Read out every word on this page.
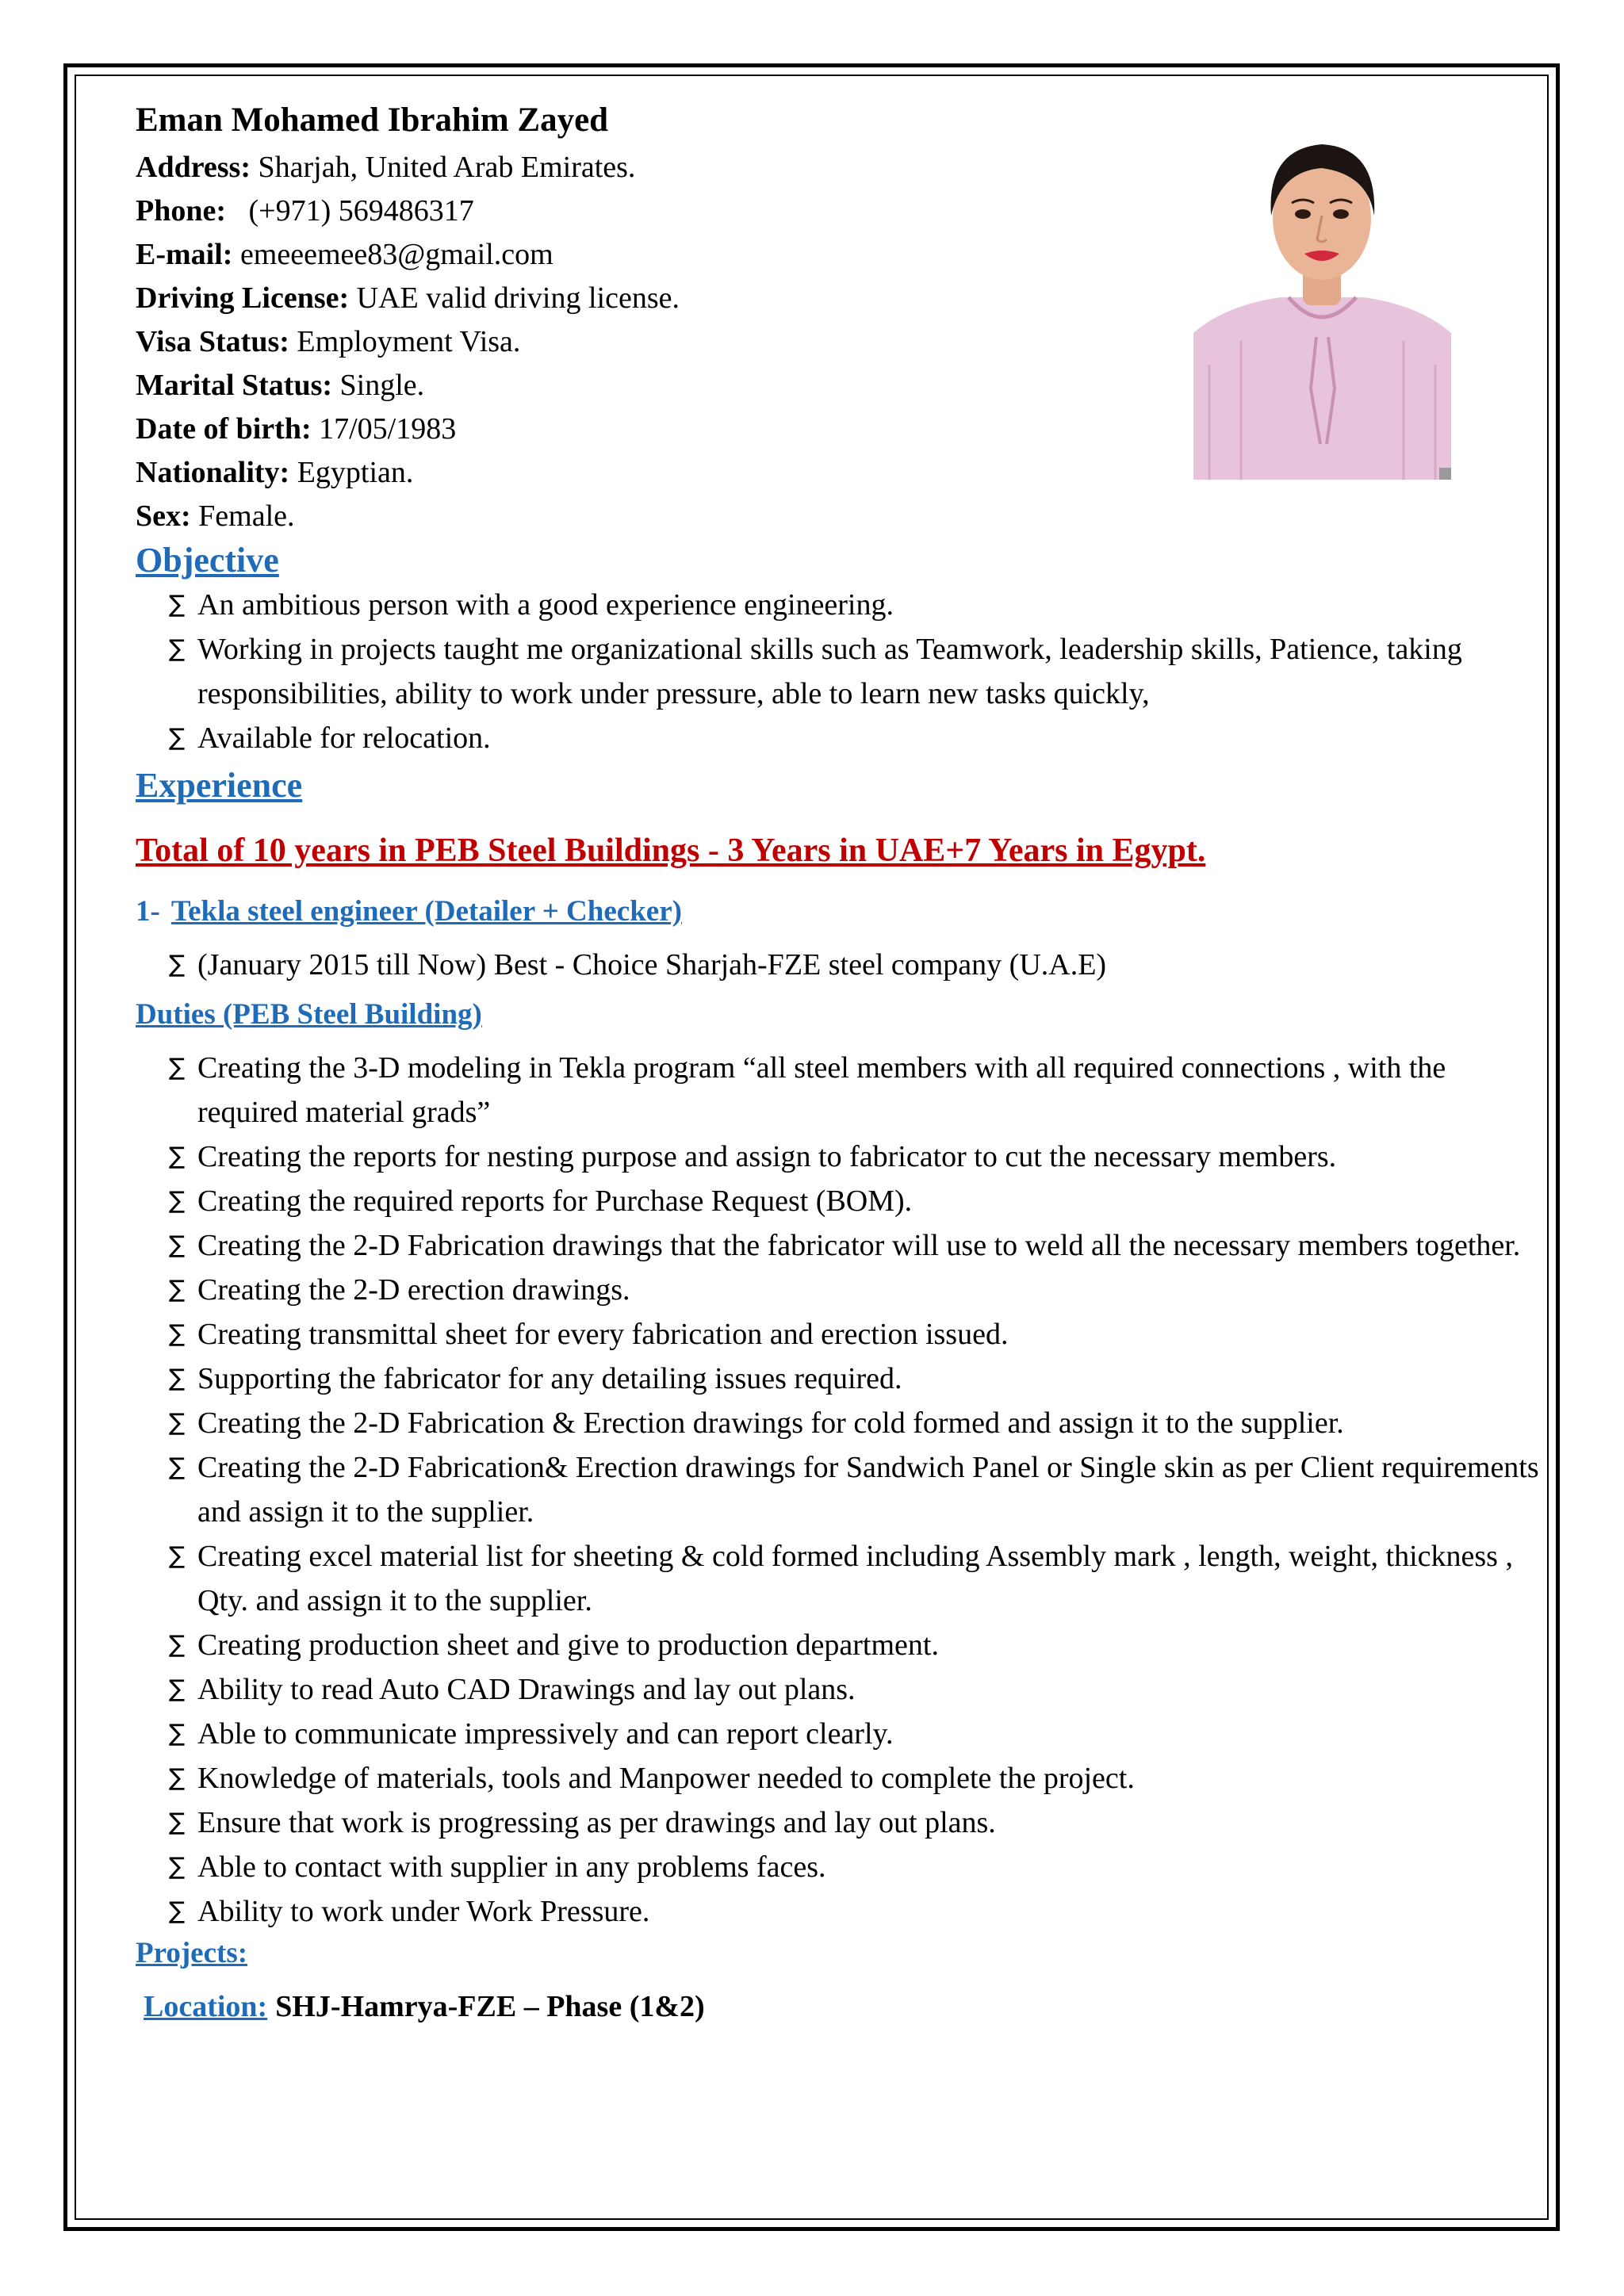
Eman Mohamed Ibrahim Zayed
Address: Sharjah, United Arab Emirates.
Phone:   (+971) 569486317
E-mail: emeeemee83@gmail.com
Driving License: UAE valid driving license.
Visa Status: Employment Visa.
Marital Status: Single.
Date of birth: 17/05/1983
Nationality: Egyptian.
Sex: Female.
Objective
∑ An ambitious person with a good experience engineering.
∑ Working in projects taught me organizational skills such as Teamwork, leadership skills, Patience, taking responsibilities, ability to work under pressure, able to learn new tasks quickly,
∑ Available for relocation.
Experience
Total of 10 years in PEB Steel Buildings - 3 Years in UAE+7 Years in Egypt.
1- Tekla steel engineer (Detailer + Checker)
∑ (January 2015 till Now) Best - Choice Sharjah-FZE steel company (U.A.E)
Duties (PEB Steel Building)
∑ Creating the 3-D modeling in Tekla program “all steel members with all required connections , with the required material grads”
∑ Creating the reports for nesting purpose and assign to fabricator to cut the necessary members.
∑ Creating the required reports for Purchase Request (BOM).
∑ Creating the 2-D Fabrication drawings that the fabricator will use to weld all the necessary members together.
∑ Creating the 2-D erection drawings.
∑ Creating transmittal sheet for every fabrication and erection issued.
∑ Supporting the fabricator for any detailing issues required.
∑ Creating the 2-D Fabrication & Erection drawings for cold formed and assign it to the supplier.
∑ Creating the 2-D Fabrication& Erection drawings for Sandwich Panel or Single skin as per Client requirements and assign it to the supplier.
∑ Creating excel material list for sheeting & cold formed including Assembly mark , length, weight, thickness , Qty. and assign it to the supplier.
∑ Creating production sheet and give to production department.
∑ Ability to read Auto CAD Drawings and lay out plans.
∑ Able to communicate impressively and can report clearly.
∑ Knowledge of materials, tools and Manpower needed to complete the project.
∑ Ensure that work is progressing as per drawings and lay out plans.
∑ Able to contact with supplier in any problems faces.
∑ Ability to work under Work Pressure.
Projects:
Location: SHJ-Hamrya-FZE – Phase (1&2)
